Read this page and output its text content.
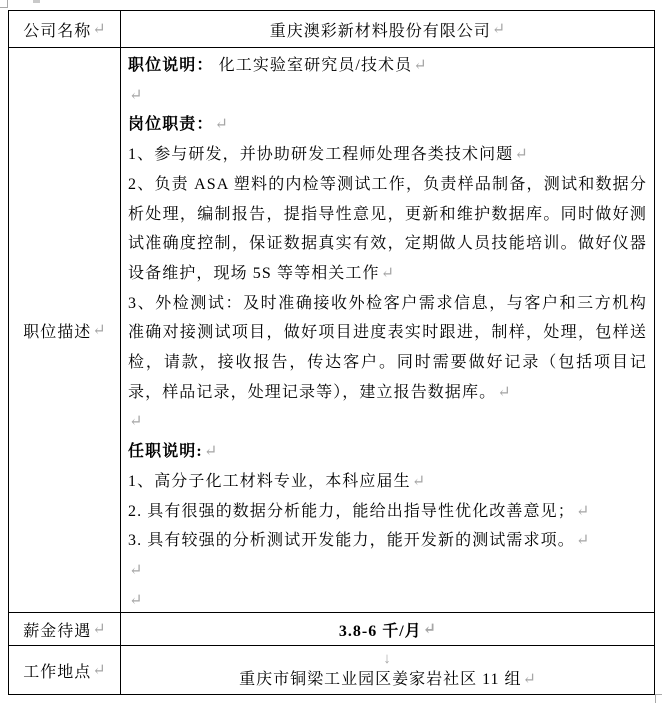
公司名称 ↵	重庆澳彩新材料股份有限公司 ↵
职位描述 ↵

职位说明： 化工实验室研究员/技术员↵

↵

岗位职责：↵

1、参与研发，并协助研发工程师处理各类技术问题↵

2、负责 ASA 塑料的内检等测试工作，负责样品制备，测试和数据分析处理，编制报告，提指导性意见，更新和维护数据库。同时做好测试准确度控制，保证数据真实有效，定期做人员技能培训。做好仪器设备维护，现场 5S 等等相关工作↵

3、外检测试：及时准确接收外检客户需求信息，与客户和三方机构准确对接测试项目，做好项目进度表实时跟进，制样，处理，包样送检，请款，接收报告，传达客户。同时需要做好记录（包括项目记录，样品记录，处理记录等），建立报告数据库。↵

↵

任职说明:↵

1、高分子化工材料专业，本科应届生↵

2. 具有很强的数据分析能力，能给出指导性优化改善意见；↵

3. 具有较强的分析测试开发能力，能开发新的测试需求项。↵

↵

↵

薪金待遇 ↵	3.8-6 千/月 ↵
工作地点 ↵
↓
重庆市铜梁工业园区姜家岩社区 11 组↵
